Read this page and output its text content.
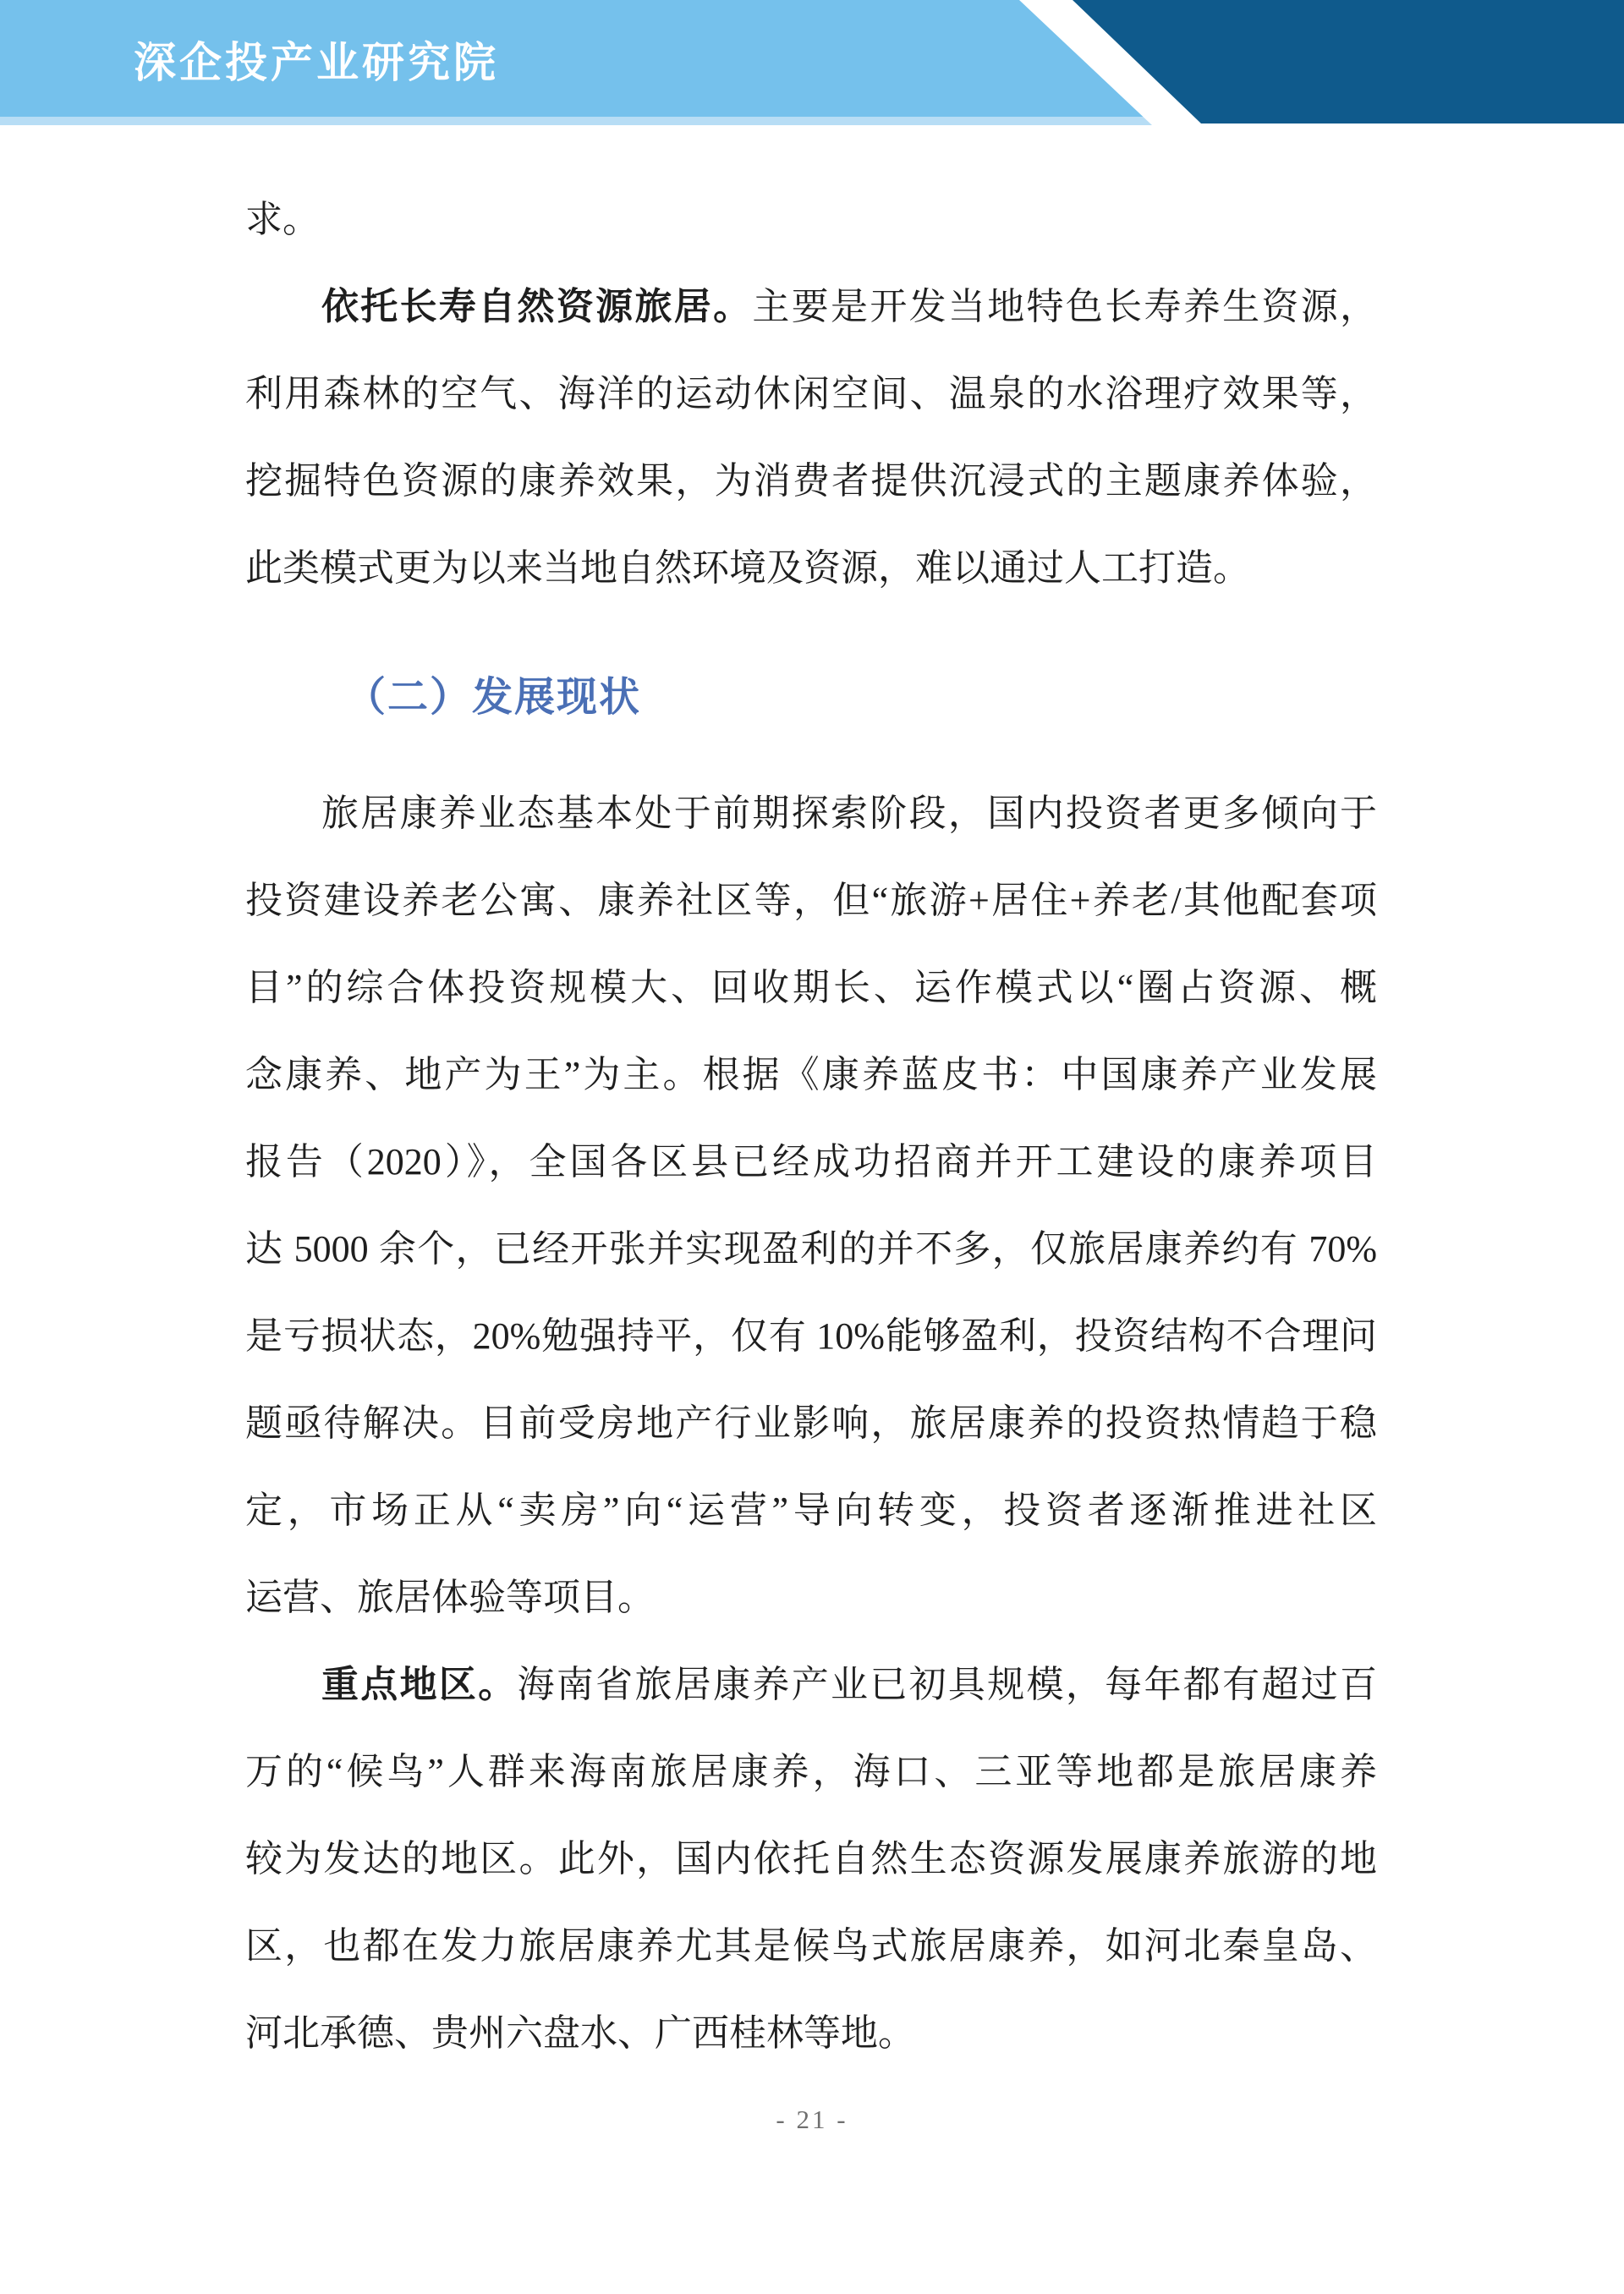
深企投产业研究院
求。
依托长寿自然资源旅居。主要是开发当地特色长寿养生资源，
利用森林的空气、海洋的运动休闲空间、温泉的水浴理疗效果等，
挖掘特色资源的康养效果，为消费者提供沉浸式的主题康养体验，
此类模式更为以来当地自然环境及资源，难以通过人工打造。
（二）发展现状
旅居康养业态基本处于前期探索阶段，国内投资者更多倾向于
投资建设养老公寓、康养社区等，但“旅游+居住+养老/其他配套项
目”的综合体投资规模大、回收期长、运作模式以“圈占资源、概
念康养、地产为王”为主。根据《康养蓝皮书：中国康养产业发展
报告（2020）》，全国各区县已经成功招商并开工建设的康养项目
达 5000 余个，已经开张并实现盈利的并不多，仅旅居康养约有 70%
是亏损状态，20%勉强持平，仅有 10%能够盈利，投资结构不合理问
题亟待解决。目前受房地产行业影响，旅居康养的投资热情趋于稳
定，市场正从“卖房”向“运营”导向转变，投资者逐渐推进社区
运营、旅居体验等项目。
重点地区。海南省旅居康养产业已初具规模，每年都有超过百
万的“候鸟”人群来海南旅居康养，海口、三亚等地都是旅居康养
较为发达的地区。此外，国内依托自然生态资源发展康养旅游的地
区，也都在发力旅居康养尤其是候鸟式旅居康养，如河北秦皇岛、
河北承德、贵州六盘水、广西桂林等地。
- 21 -
